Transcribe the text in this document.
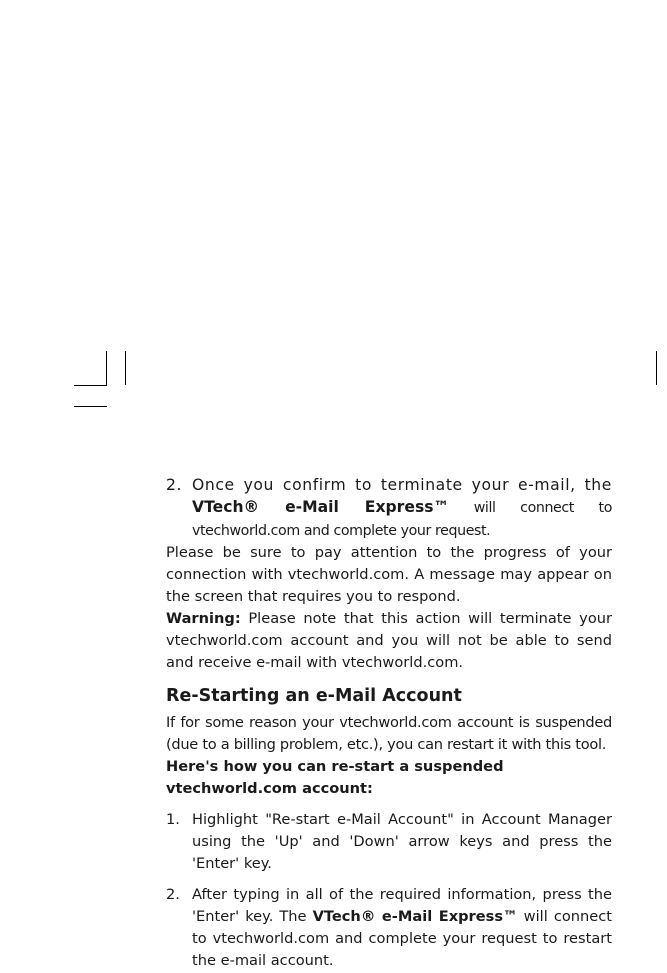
2. Once you confirm to terminate your e-mail, the VTech® e-Mail Express™ will connect to vtechworld.com and complete your request.

Please be sure to pay attention to the progress of your connection with vtechworld.com. A message may appear on the screen that requires you to respond.

Warning: Please note that this action will terminate your vtechworld.com account and you will not be able to send and receive e-mail with vtechworld.com.

Re-Starting an e-Mail Account

If for some reason your vtechworld.com account is suspended (due to a billing problem, etc.), you can restart it with this tool.

Here's how you can re-start a suspended vtechworld.com account:

1. Highlight "Re-start e-Mail Account" in Account Manager using the 'Up' and 'Down' arrow keys and press the 'Enter' key.
2. After typing in all of the required information, press the 'Enter' key. The VTech® e-Mail Express™ will connect to vtechworld.com and complete your request to restart the e-mail account.
